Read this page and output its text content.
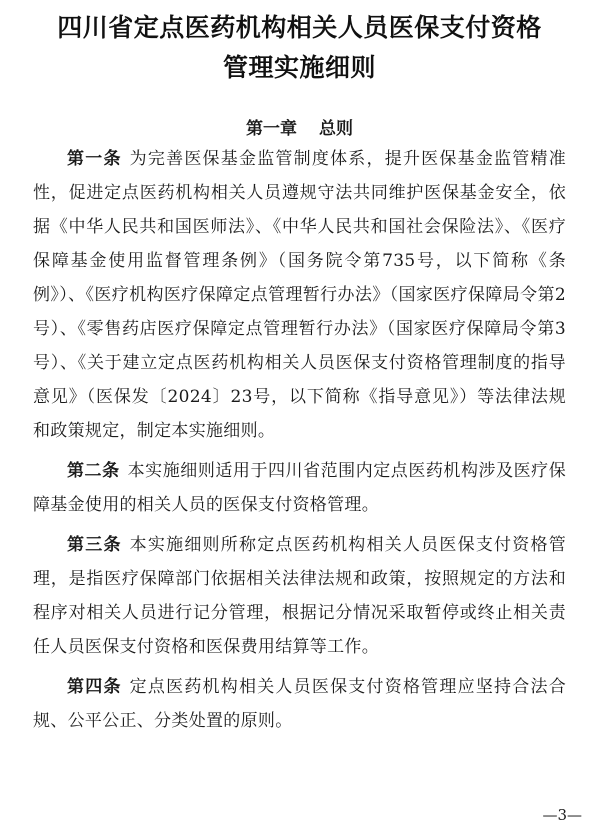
四川省定点医药机构相关人员医保支付资格
管理实施细则
第一章 总则

第一条 为完善医保基金监管制度体系，提升医保基金监管精准性，促进定点医药机构相关人员遵规守法共同维护医保基金安全，依据《中华人民共和国医师法》、《中华人民共和国社会保险法》、《医疗保障基金使用监督管理条例》（国务院令第735号，以下简称《条例》）、《医疗机构医疗保障定点管理暂行办法》（国家医疗保障局令第2号）、《零售药店医疗保障定点管理暂行办法》（国家医疗保障局令第3号）、《关于建立定点医药机构相关人员医保支付资格管理制度的指导意见》（医保发〔2024〕23号，以下简称《指导意见》）等法律法规和政策规定，制定本实施细则。

第二条 本实施细则适用于四川省范围内定点医药机构涉及医疗保障基金使用的相关人员的医保支付资格管理。

第三条 本实施细则所称定点医药机构相关人员医保支付资格管理，是指医疗保障部门依据相关法律法规和政策，按照规定的方法和程序对相关人员进行记分管理，根据记分情况采取暂停或终止相关责任人员医保支付资格和医保费用结算等工作。

第四条 定点医药机构相关人员医保支付资格管理应坚持合法合规、公平公正、分类处置的原则。

—3—
